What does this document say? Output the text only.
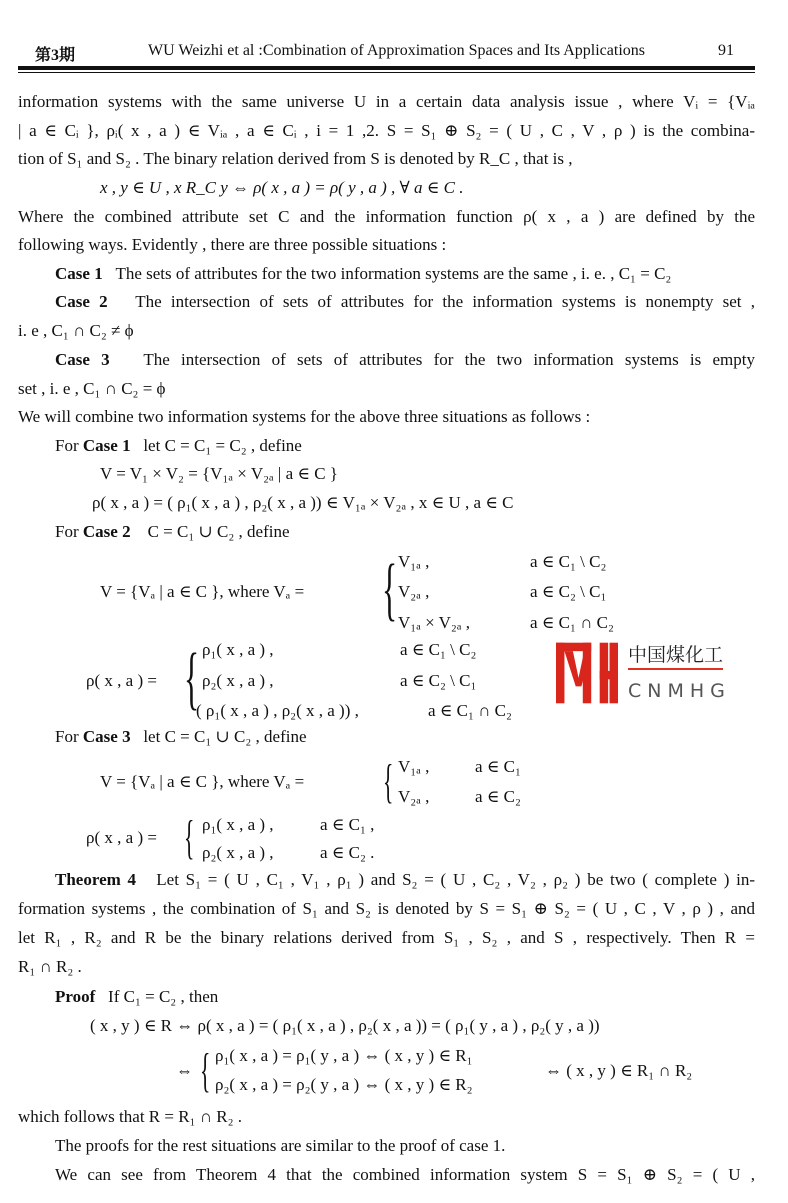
第3期	WU Weizhi et al :Combination of Approximation Spaces and Its Applications	91
information systems with the same universe U in a certain data analysis issue , where Vᵢ = {Vᵢₐ
| a ∈ Cᵢ }, ρᵢ( x , a ) ∈ Vᵢₐ , a ∈ Cᵢ , i = 1 ,2. S = S₁ ⊕ S₂ = ( U , C , V , ρ ) is the combina-
tion of S₁ and S₂ . The binary relation derived from S is denoted by R_C , that is ,
x , y ∈ U , x R_C y ⇔ ρ( x , a ) = ρ( y , a ) , ∀ a ∈ C .
Where the combined attribute set C and the information function ρ( x , a ) are defined by the
following ways. Evidently , there are three possible situations :
Case 1 The sets of attributes for the two information systems are the same , i. e. , C₁ = C₂
Case 2 The intersection of sets of attributes for the information systems is nonempty set ,
i. e , C₁ ∩ C₂ ≠ ϕ
Case 3 The intersection of sets of attributes for the two information systems is empty
set , i. e , C₁ ∩ C₂ = ϕ
We will combine two information systems for the above three situations as follows :
For Case 1 let C = C₁ = C₂ , define
V = V₁ × V₂ = {V₁ₐ × V₂ₐ | a ∈ C }
ρ( x , a ) = ( ρ₁( x , a ) , ρ₂( x , a )) ∈ V₁ₐ × V₂ₐ , x ∈ U , a ∈ C
For Case 2 C = C₁ ∪ C₂ , define
V = {Vₐ | a ∈ C }, where Vₐ = { V₁ₐ ,	a ∈ C₁ \ C₂
V₂ₐ ,	a ∈ C₂ \ C₁
V₁ₐ × V₂ₐ ,	a ∈ C₁ ∩ C₂
ρ( x , a ) = { ρ₁( x , a ) ,	a ∈ C₁ \ C₂
ρ₂( x , a ) ,	a ∈ C₂ \ C₁
( ρ₁( x , a ) , ρ₂( x , a )) ,	a ∈ C₁ ∩ C₂
中国煤化工
CNMHG
For Case 3 let C = C₁ ∪ C₂ , define
V = {Vₐ | a ∈ C }, where Vₐ = { V₁ₐ ,	a ∈ C₁
V₂ₐ ,	a ∈ C₂
ρ( x , a ) = { ρ₁( x , a ) ,	a ∈ C₁ ,
ρ₂( x , a ) ,	a ∈ C₂ .
Theorem 4 Let S₁ = ( U , C₁ , V₁ , ρ₁ ) and S₂ = ( U , C₂ , V₂ , ρ₂ ) be two ( complete ) in-
formation systems , the combination of S₁ and S₂ is denoted by S = S₁ ⊕ S₂ = ( U , C , V , ρ ) , and
let R₁ , R₂ and R be the binary relations derived from S₁ , S₂ , and S , respectively. Then R =
R₁ ∩ R₂ .
Proof If C₁ = C₂ , then
( x , y ) ∈ R ⇔ ρ( x , a ) = ( ρ₁( x , a ) , ρ₂( x , a )) = ( ρ₁( y , a ) , ρ₂( y , a ))
⇔ { ρ₁( x , a ) = ρ₁( y , a ) ⇔ ( x , y ) ∈ R₁
ρ₂( x , a ) = ρ₂( y , a ) ⇔ ( x , y ) ∈ R₂
⇔ ( x , y ) ∈ R₁ ∩ R₂
which follows that R = R₁ ∩ R₂ .
The proofs for the rest situations are similar to the proof of case 1.
We can see from Theorem 4 that the combined information system S = S₁ ⊕ S₂ = ( U ,
